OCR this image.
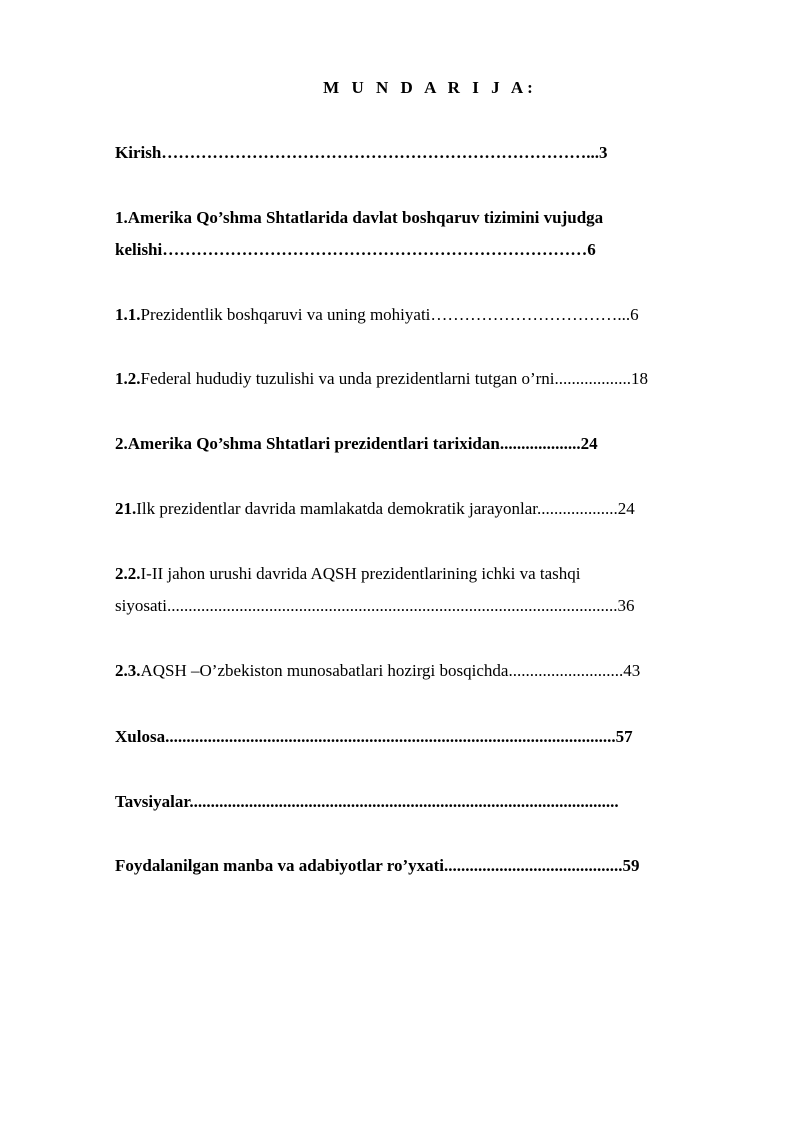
M U N D A R I J A:
Kirish…………………………………………………………………...3
1.Amerika Qo’shma Shtatlarida davlat boshqaruv tizimini vujudga
kelishi…………………………………………………………………6
1.1.Prezidentlik boshqaruvi va uning mohiyati……………………………...6
1.2.Federal hududiy tuzulishi va unda prezidentlarni tutgan o’rni..................18
2.Amerika Qo’shma Shtatlari prezidentlari tarixidan...................24
21.Ilk prezidentlar davrida mamlakatda demokratik jarayonlar...................24
2.2.I-II jahon urushi davrida AQSH prezidentlarining ichki va tashqi
siyosati..........................................................................................................36
2.3.AQSH –O’zbekiston munosabatlari hozirgi bosqichda...........................43
Xulosa..........................................................................................................57
Tavsiyalar.....................................................................................................
Foydalanilgan manba va adabiyotlar ro’yxati..........................................59
